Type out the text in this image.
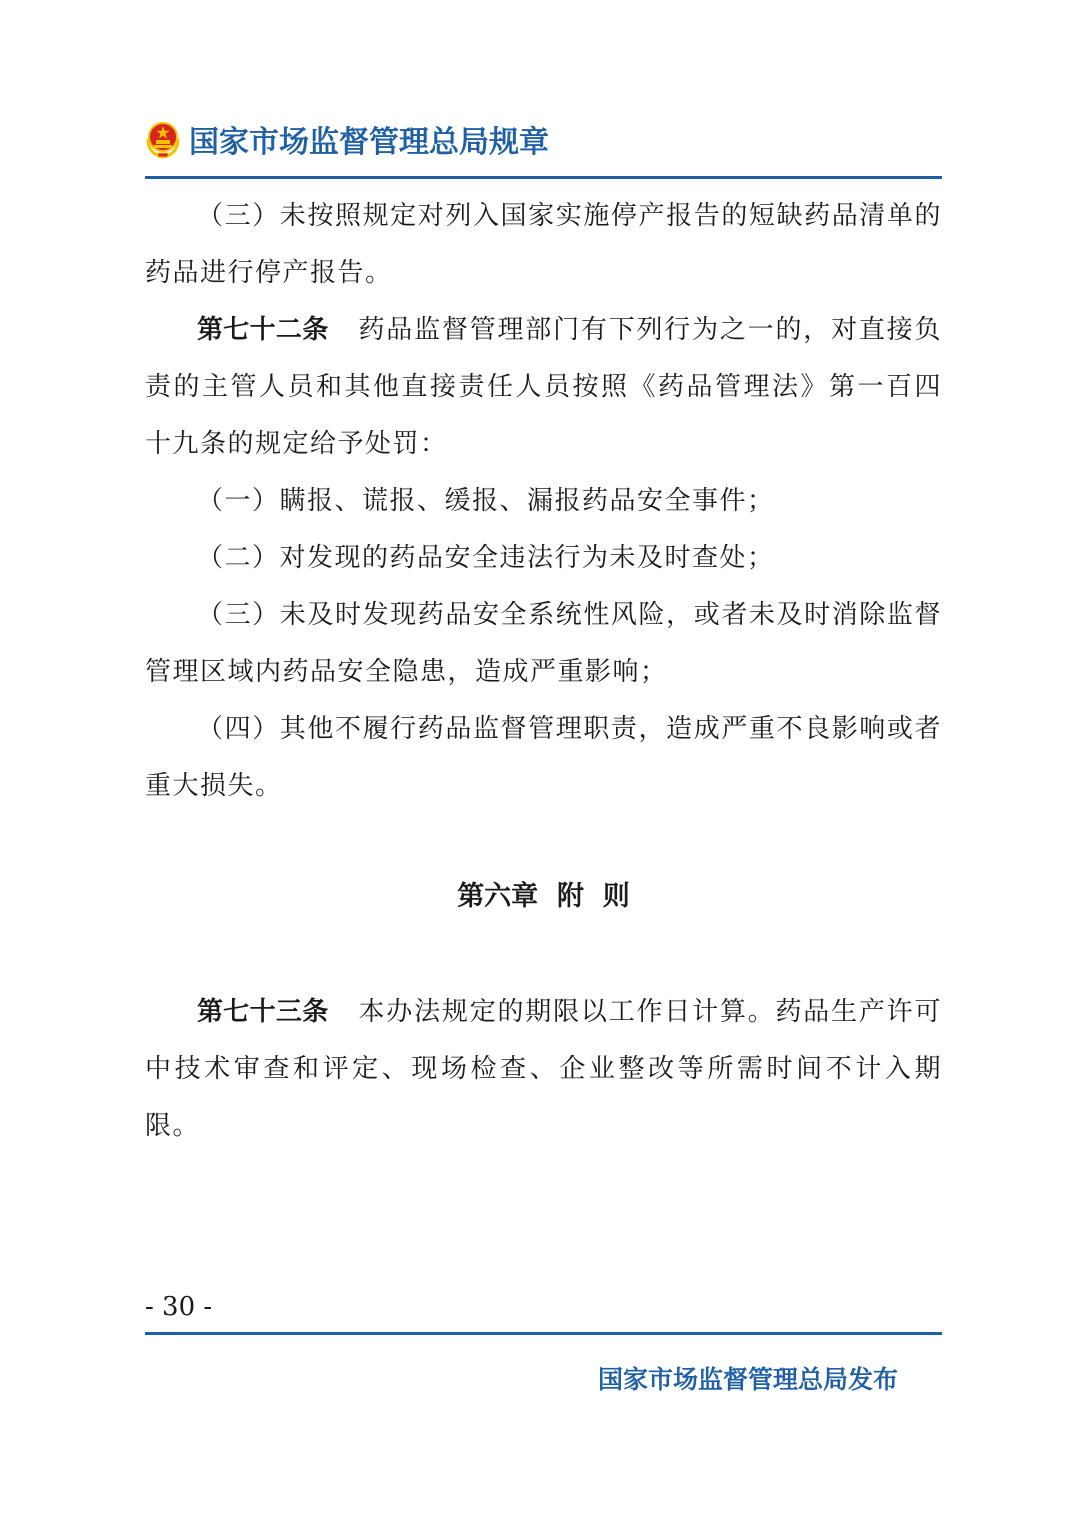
国家市场监督管理总局规章

（三）未按照规定对列入国家实施停产报告的短缺药品清单的药品进行停产报告。

第七十二条 药品监督管理部门有下列行为之一的，对直接负责的主管人员和其他直接责任人员按照《药品管理法》第一百四十九条的规定给予处罚：

（一）瞒报、谎报、缓报、漏报药品安全事件；

（二）对发现的药品安全违法行为未及时查处；

（三）未及时发现药品安全系统性风险，或者未及时消除监督管理区域内药品安全隐患，造成严重影响；

（四）其他不履行药品监督管理职责，造成严重不良影响或者重大损失。

第六章  附  则

第七十三条 本办法规定的期限以工作日计算。药品生产许可中技术审查和评定、现场检查、企业整改等所需时间不计入期限。

- 30 -
国家市场监督管理总局发布
